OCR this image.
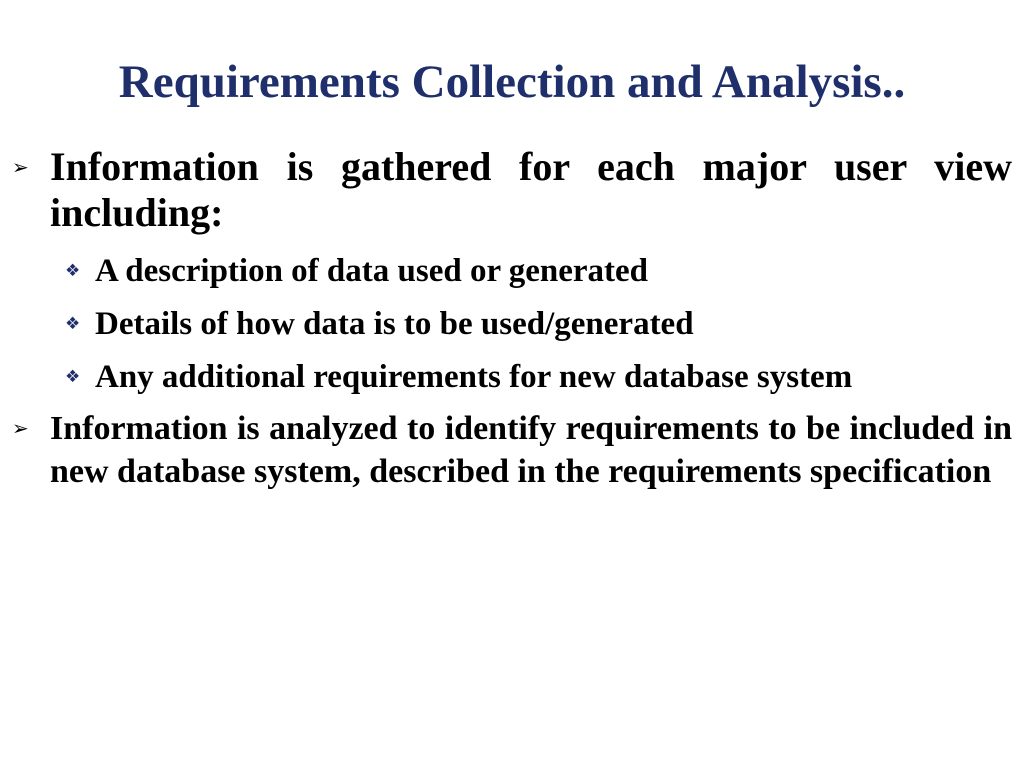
Requirements Collection and Analysis..
➢ Information is gathered for each major user view including:
❖ A description of data used or generated
❖ Details of how data is to be used/generated
❖ Any additional requirements for new database system
➢ Information is analyzed to identify requirements to be included in new database system, described in the requirements specification
